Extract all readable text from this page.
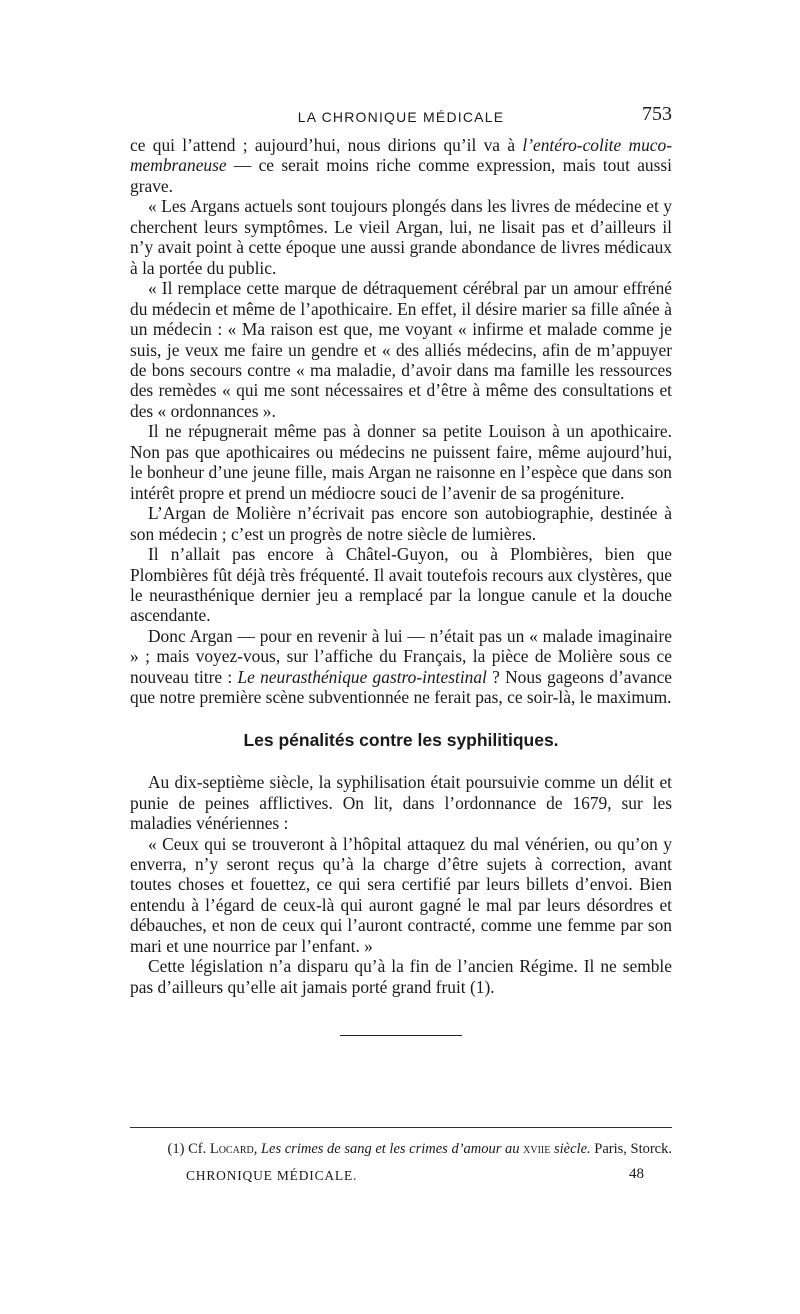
LA CHRONIQUE MÉDICALE	753

ce qui l’attend ; aujourd’hui, nous dirions qu’il va à l’entéro-colite muco-membraneuse — ce serait moins riche comme expression, mais tout aussi grave.

« Les Argans actuels sont toujours plongés dans les livres de médecine et y cherchent leurs symptômes. Le vieil Argan, lui, ne lisait pas et d’ailleurs il n’y avait point à cette époque une aussi grande abondance de livres médicaux à la portée du public.

« Il remplace cette marque de détraquement cérébral par un amour effréné du médecin et même de l’apothicaire. En effet, il désire marier sa fille aînée à un médecin : « Ma raison est que, me voyant « infirme et malade comme je suis, je veux me faire un gendre et « des alliés médecins, afin de m’appuyer de bons secours contre « ma maladie, d’avoir dans ma famille les ressources des remèdes « qui me sont nécessaires et d’être à même des consultations et des « ordonnances ».

Il ne répugnerait même pas à donner sa petite Louison à un apothicaire. Non pas que apothicaires ou médecins ne puissent faire, même aujourd’hui, le bonheur d’une jeune fille, mais Argan ne raisonne en l’espèce que dans son intérêt propre et prend un médiocre souci de l’avenir de sa progéniture.

L’Argan de Molière n’écrivait pas encore son autobiographie, destinée à son médecin ; c’est un progrès de notre siècle de lumières.

Il n’allait pas encore à Châtel-Guyon, ou à Plombières, bien que Plombières fût déjà très fréquenté. Il avait toutefois recours aux clystères, que le neurasthénique dernier jeu a remplacé par la longue canule et la douche ascendante.

Donc Argan — pour en revenir à lui — n’était pas un « malade imaginaire » ; mais voyez-vous, sur l’affiche du Français, la pièce de Molière sous ce nouveau titre : Le neurasthénique gastro-intestinal ? Nous gageons d’avance que notre première scène subventionnée ne ferait pas, ce soir-là, le maximum.

Les pénalités contre les syphilitiques.

Au dix-septième siècle, la syphilisation était poursuivie comme un délit et punie de peines afflictives. On lit, dans l’ordonnance de 1679, sur les maladies vénériennes :

« Ceux qui se trouveront à l’hôpital attaquez du mal vénérien, ou qu’on y enverra, n’y seront reçus qu’à la charge d’être sujets à correction, avant toutes choses et fouettez, ce qui sera certifié par leurs billets d’envoi. Bien entendu à l’égard de ceux-là qui auront gagné le mal par leurs désordres et débauches, et non de ceux qui l’auront contracté, comme une femme par son mari et une nourrice par l’enfant. »

Cette législation n’a disparu qu’à la fin de l’ancien Régime. Il ne semble pas d’ailleurs qu’elle ait jamais porté grand fruit (1).

(1) Cf. Locard, Les crimes de sang et les crimes d’amour au xviie siècle. Paris, Storck.
CHRONIQUE MÉDICALE.	48
